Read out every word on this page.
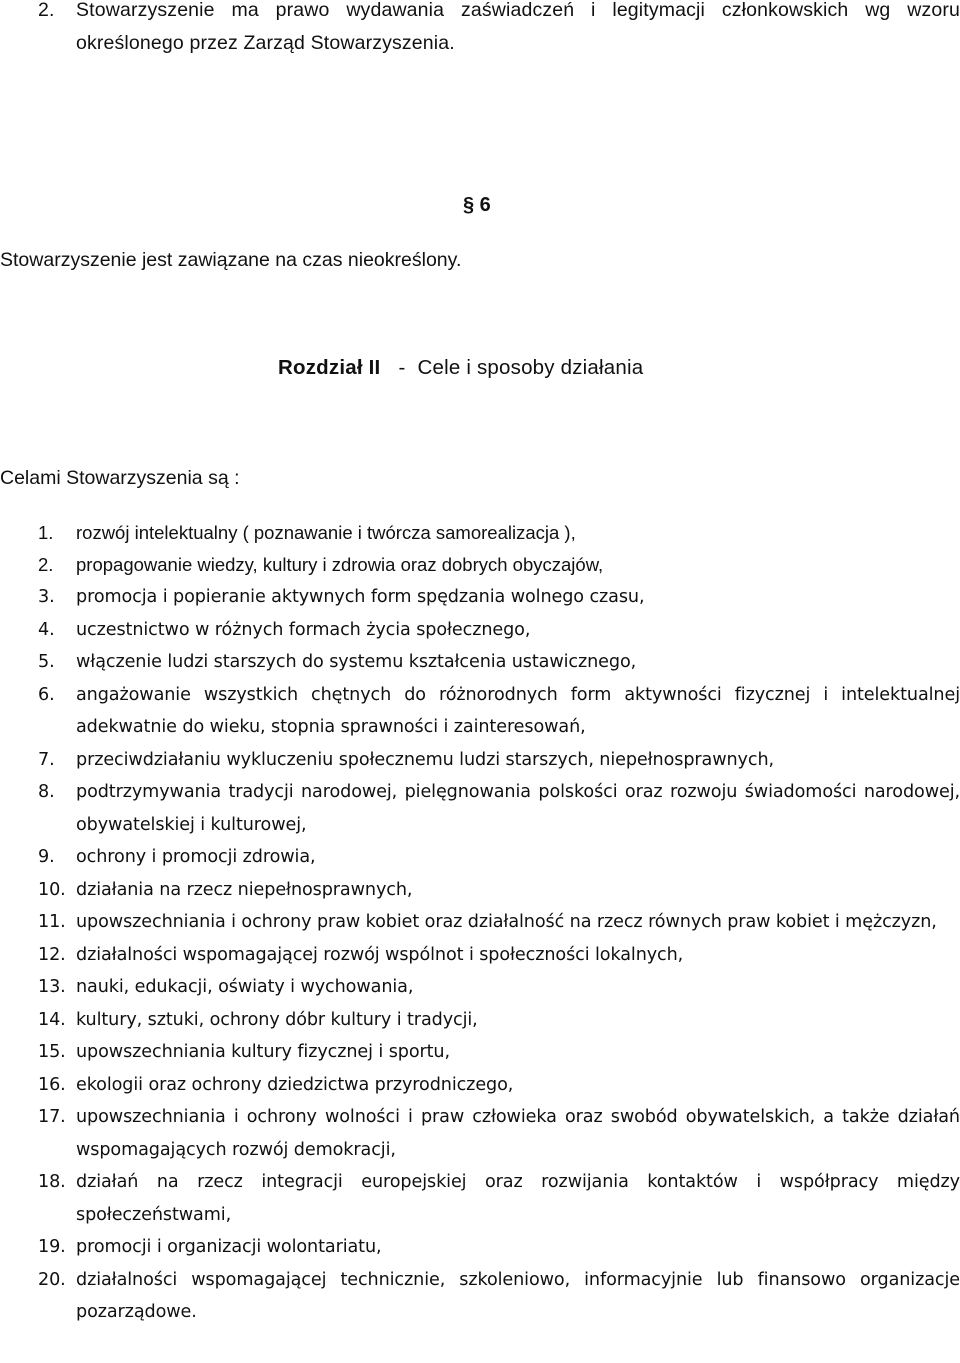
2.	Stowarzyszenie ma prawo wydawania zaświadczeń i legitymacji członkowskich wg wzoru określonego przez Zarząd Stowarzyszenia.
§ 6
Stowarzyszenie jest zawiązane na czas nieokreślony.
Rozdział II - Cele i sposoby działania
Celami Stowarzyszenia są :
1.	rozwój intelektualny ( poznawanie i twórcza samorealizacja ),
2.	propagowanie wiedzy, kultury i zdrowia oraz dobrych obyczajów,
3.	promocja i popieranie aktywnych form spędzania wolnego czasu,
4.	uczestnictwo w różnych formach życia społecznego,
5.	włączenie ludzi starszych do systemu kształcenia ustawicznego,
6.	angażowanie wszystkich chętnych do różnorodnych form aktywności fizycznej i intelektualnej adekwatnie do wieku, stopnia sprawności i zainteresowań,
7.	przeciwdziałaniu wykluczeniu społecznemu ludzi starszych, niepełnosprawnych,
8.	podtrzymywania tradycji narodowej, pielęgnowania polskości oraz rozwoju świadomości narodowej, obywatelskiej i kulturowej,
9.	ochrony i promocji zdrowia,
10. działania na rzecz niepełnosprawnych,
11. upowszechniania i ochrony praw kobiet oraz działalność na rzecz równych praw kobiet i mężczyzn,
12. działalności wspomagającej rozwój wspólnot i społeczności lokalnych,
13. nauki, edukacji, oświaty i wychowania,
14. kultury, sztuki, ochrony dóbr kultury i tradycji,
15. upowszechniania kultury fizycznej i sportu,
16. ekologii oraz ochrony dziedzictwa przyrodniczego,
17. upowszechniania i ochrony wolności i praw człowieka oraz swobód obywatelskich, a także działań wspomagających rozwój demokracji,
18. działań na rzecz integracji europejskiej oraz rozwijania kontaktów i współpracy między społeczeństwami,
19. promocji i organizacji wolontariatu,
20. działalności wspomagającej technicznie, szkoleniowo, informacyjnie lub finansowo organizacje pozarządowe.
